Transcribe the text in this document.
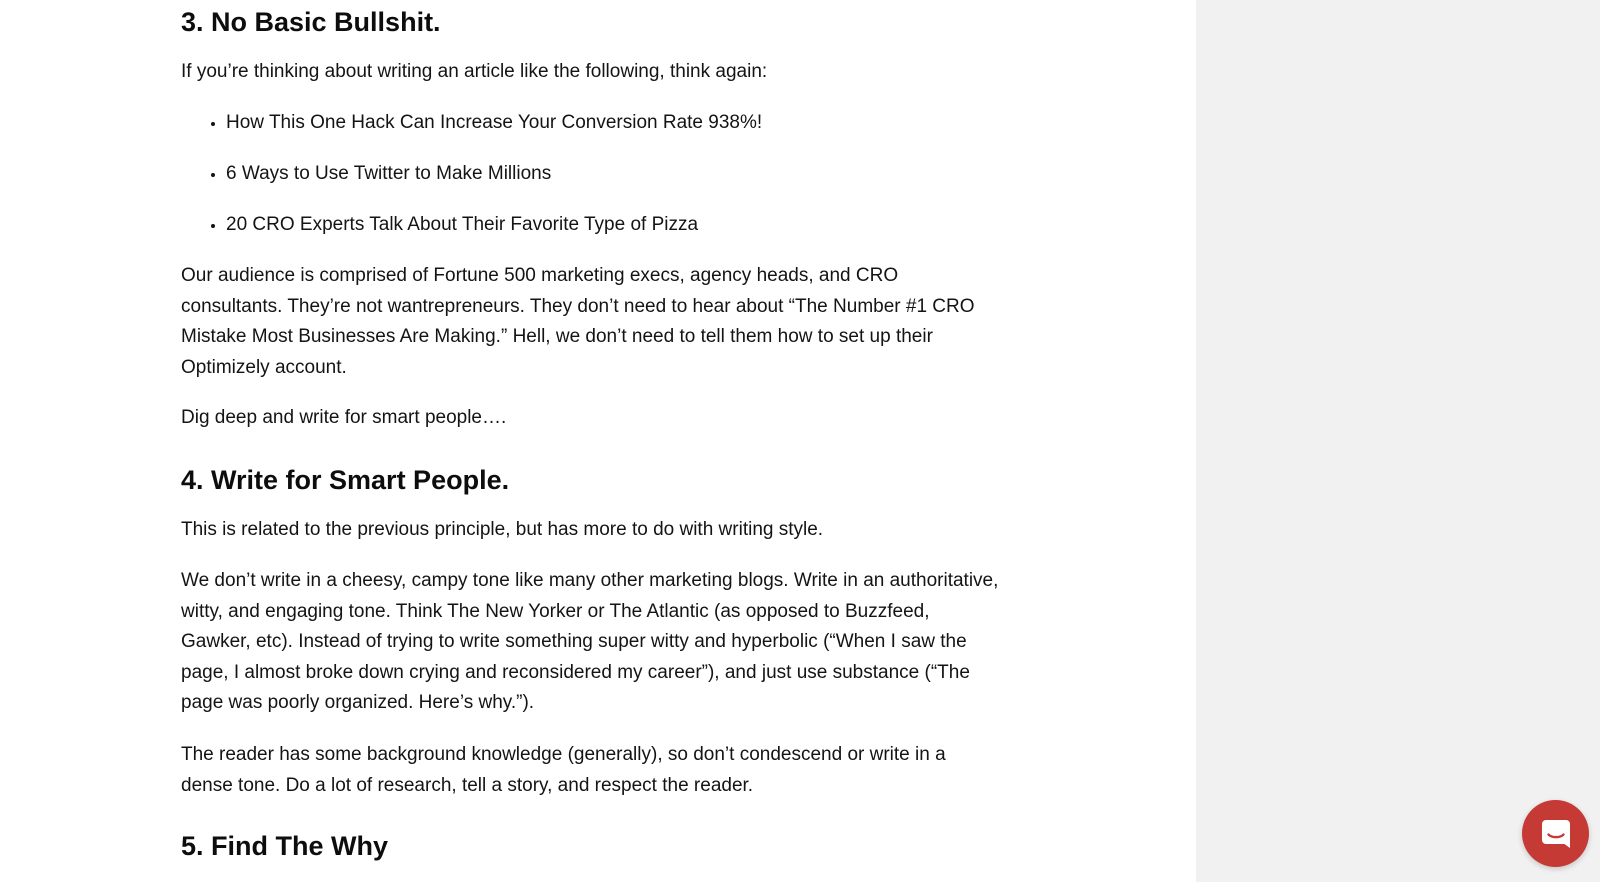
3. No Basic Bullshit.

If you’re thinking about writing an article like the following, think again:

• How This One Hack Can Increase Your Conversion Rate 938%!
• 6 Ways to Use Twitter to Make Millions
• 20 CRO Experts Talk About Their Favorite Type of Pizza

Our audience is comprised of Fortune 500 marketing execs, agency heads, and CRO consultants. They’re not wantrepreneurs. They don’t need to hear about “The Number #1 CRO Mistake Most Businesses Are Making.” Hell, we don’t need to tell them how to set up their Optimizely account.

Dig deep and write for smart people….

4. Write for Smart People.

This is related to the previous principle, but has more to do with writing style.

We don’t write in a cheesy, campy tone like many other marketing blogs. Write in an authoritative, witty, and engaging tone. Think The New Yorker or The Atlantic (as opposed to Buzzfeed, Gawker, etc). Instead of trying to write something super witty and hyperbolic (“When I saw the page, I almost broke down crying and reconsidered my career”), and just use substance (“The page was poorly organized. Here’s why.”).

The reader has some background knowledge (generally), so don’t condescend or write in a dense tone. Do a lot of research, tell a story, and respect the reader.

5. Find The Why
